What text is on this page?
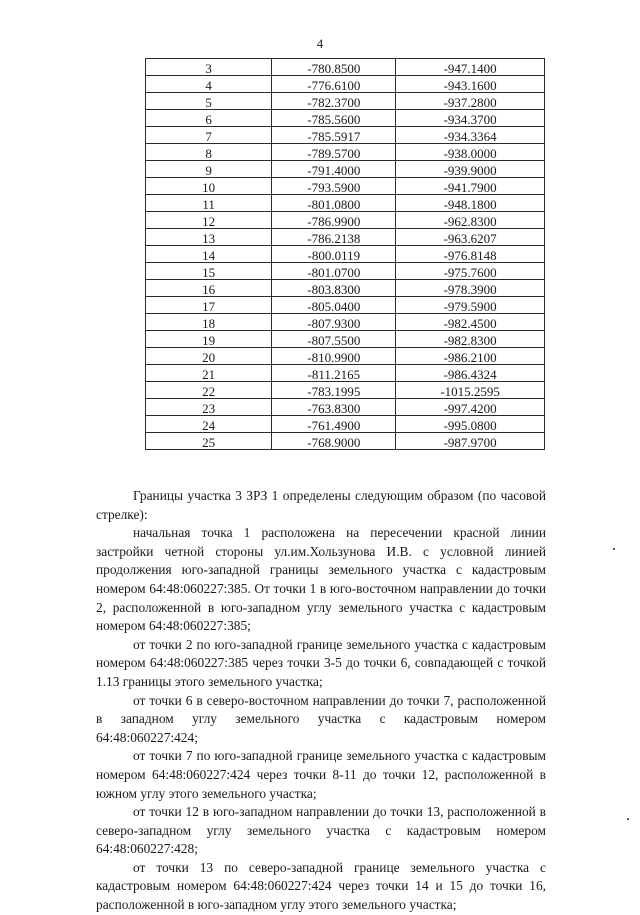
4
3	-780.8500	-947.1400
4	-776.6100	-943.1600
5	-782.3700	-937.2800
6	-785.5600	-934.3700
7	-785.5917	-934.3364
8	-789.5700	-938.0000
9	-791.4000	-939.9000
10	-793.5900	-941.7900
11	-801.0800	-948.1800
12	-786.9900	-962.8300
13	-786.2138	-963.6207
14	-800.0119	-976.8148
15	-801.0700	-975.7600
16	-803.8300	-978.3900
17	-805.0400	-979.5900
18	-807.9300	-982.4500
19	-807.5500	-982.8300
20	-810.9900	-986.2100
21	-811.2165	-986.4324
22	-783.1995	-1015.2595
23	-763.8300	-997.4200
24	-761.4900	-995.0800
25	-768.9000	-987.9700

Границы участка 3 ЗРЗ 1 определены следующим образом (по часовой стрелке):

начальная точка 1 расположена на пересечении красной линии застройки четной стороны ул.им.Хользунова И.В. с условной линией продолжения юго-западной границы земельного участка с кадастровым номером 64:48:060227:385. От точки 1 в юго-восточном направлении до точки 2, расположенной в юго-западном углу земельного участка с кадастровым номером 64:48:060227:385;

от точки 2 по юго-западной границе земельного участка с кадастровым номером 64:48:060227:385 через точки 3-5 до точки 6, совпадающей с точкой 1.13 границы этого земельного участка;

от точки 6 в северо-восточном направлении до точки 7, расположенной в западном углу земельного участка с кадастровым номером 64:48:060227:424;

от точки 7 по юго-западной границе земельного участка с кадастровым номером 64:48:060227:424 через точки 8-11 до точки 12, расположенной в южном углу этого земельного участка;

от точки 12 в юго-западном направлении до точки 13, расположенной в северо-западном углу земельного участка с кадастровым номером 64:48:060227:428;

от точки 13 по северо-западной границе земельного участка с кадастровым номером 64:48:060227:424 через точки 14 и 15 до точки 16, расположенной в юго-западном углу этого земельного участка;
